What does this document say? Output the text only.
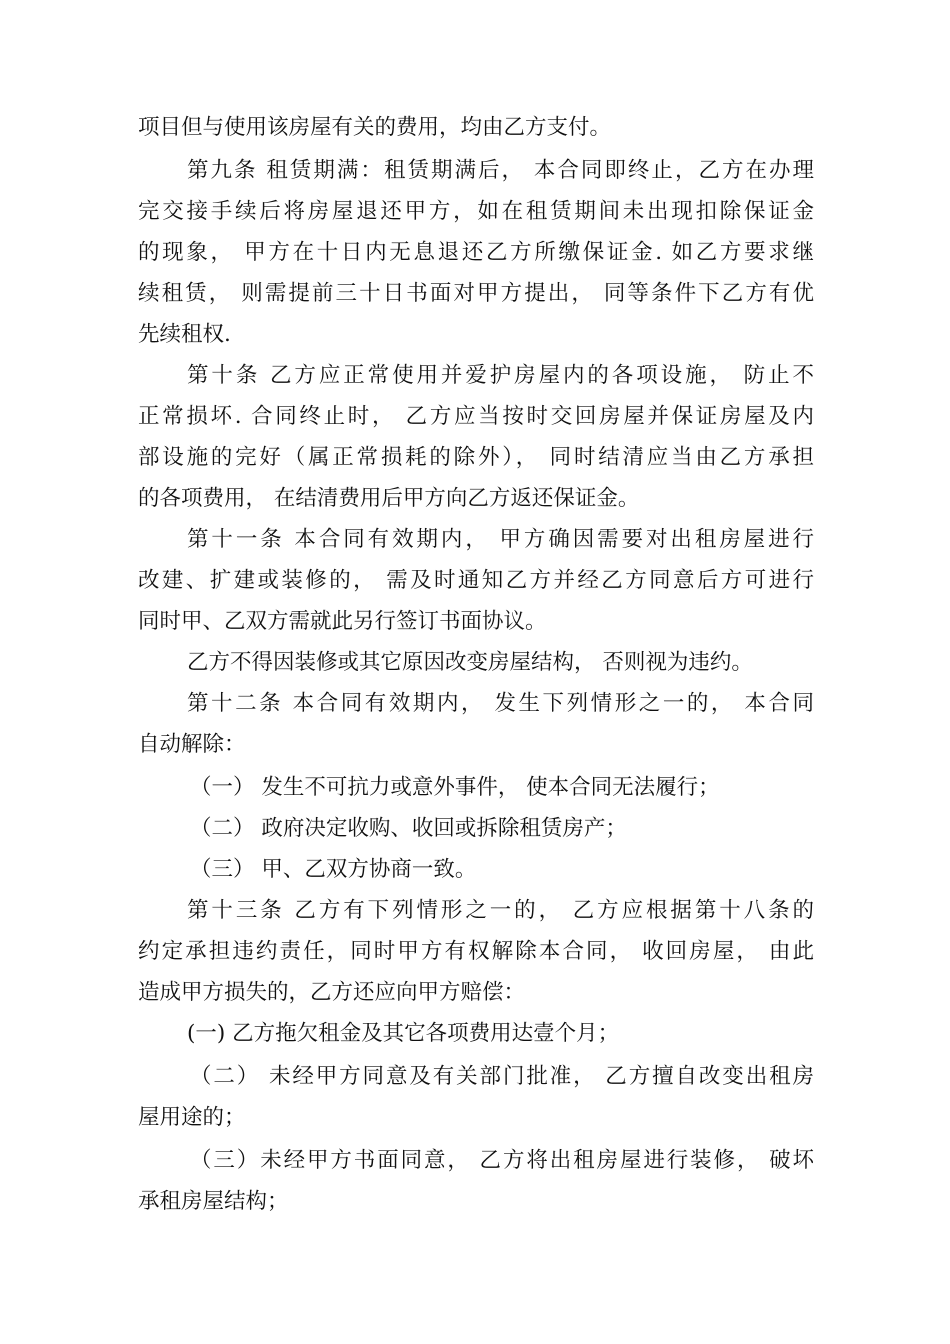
项目但与使用该房屋有关的费用，均由乙方支付。
第九条 租赁期满：租赁期满后， 本合同即终止，乙方在办理
完交接手续后将房屋退还甲方，如在租赁期间未出现扣除保证金
的现象， 甲方在十日内无息退还乙方所缴保证金. 如乙方要求继
续租赁， 则需提前三十日书面对甲方提出， 同等条件下乙方有优
先续租权.
第十条 乙方应正常使用并爱护房屋内的各项设施， 防止不
正常损坏. 合同终止时， 乙方应当按时交回房屋并保证房屋及内
部设施的完好（属正常损耗的除外）， 同时结清应当由乙方承担
的各项费用， 在结清费用后甲方向乙方返还保证金。
第十一条 本合同有效期内， 甲方确因需要对出租房屋进行
改建、扩建或装修的， 需及时通知乙方并经乙方同意后方可进行
同时甲、乙双方需就此另行签订书面协议。
乙方不得因装修或其它原因改变房屋结构， 否则视为违约。
第十二条 本合同有效期内， 发生下列情形之一的， 本合同
自动解除：
（一） 发生不可抗力或意外事件， 使本合同无法履行；
（二） 政府决定收购、收回或拆除租赁房产；
（三） 甲、乙双方协商一致。
第十三条 乙方有下列情形之一的， 乙方应根据第十八条的
约定承担违约责任，同时甲方有权解除本合同， 收回房屋， 由此
造成甲方损失的，乙方还应向甲方赔偿：
(一) 乙方拖欠租金及其它各项费用达壹个月；
（二） 未经甲方同意及有关部门批准， 乙方擅自改变出租房
屋用途的；
（三）未经甲方书面同意， 乙方将出租房屋进行装修， 破坏
承租房屋结构；
